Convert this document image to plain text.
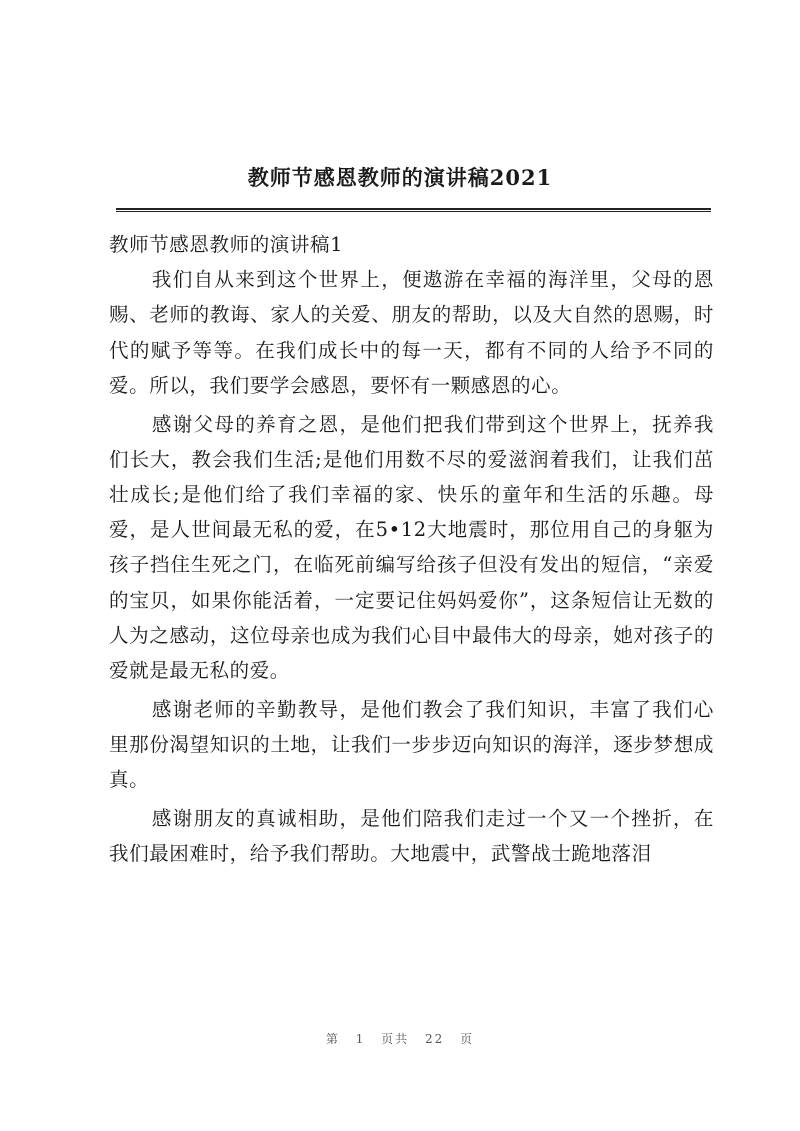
教师节感恩教师的演讲稿2021
教师节感恩教师的演讲稿1

我们自从来到这个世界上，便遨游在幸福的海洋里，父母的恩赐、老师的教诲、家人的关爱、朋友的帮助，以及大自然的恩赐，时代的赋予等等。在我们成长中的每一天，都有不同的人给予不同的爱。所以，我们要学会感恩，要怀有一颗感恩的心。

感谢父母的养育之恩，是他们把我们带到这个世界上，抚养我们长大，教会我们生活;是他们用数不尽的爱滋润着我们，让我们茁壮成长;是他们给了我们幸福的家、快乐的童年和生活的乐趣。母爱，是人世间最无私的爱，在5•12大地震时，那位用自己的身躯为孩子挡住生死之门，在临死前编写给孩子但没有发出的短信，“亲爱的宝贝，如果你能活着，一定要记住妈妈爱你”，这条短信让无数的人为之感动，这位母亲也成为我们心目中最伟大的母亲，她对孩子的爱就是最无私的爱。

感谢老师的辛勤教导，是他们教会了我们知识，丰富了我们心里那份渴望知识的土地，让我们一步步迈向知识的海洋，逐步梦想成真。

感谢朋友的真诚相助，是他们陪我们走过一个又一个挫折，在我们最困难时，给予我们帮助。大地震中，武警战士跪地落泪

第 1 页共 22 页
